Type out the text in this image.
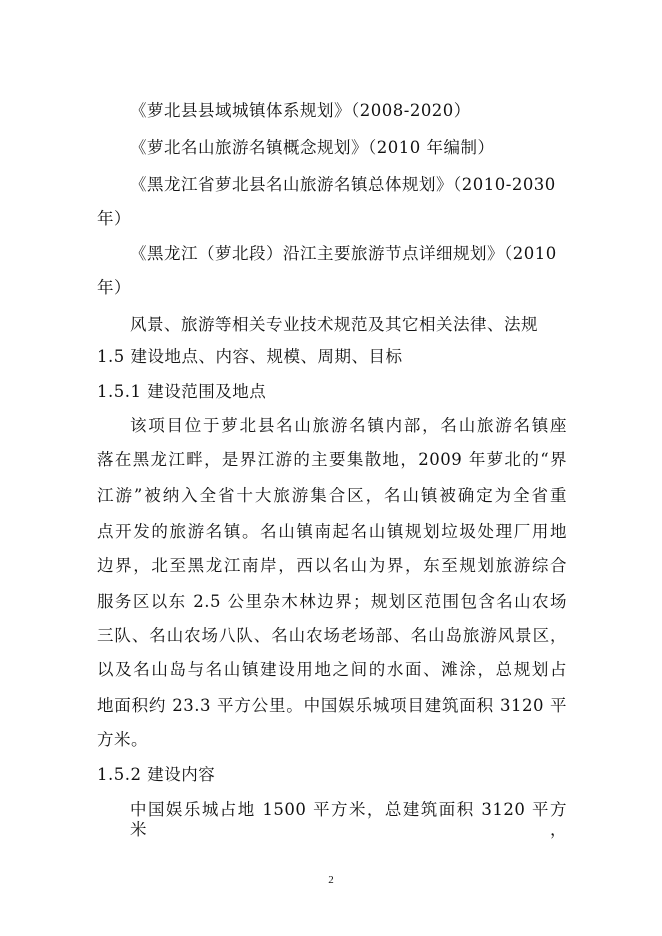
《萝北县县域城镇体系规划》（2008-2020）
《萝北名山旅游名镇概念规划》（2010 年编制）
《黑龙江省萝北县名山旅游名镇总体规划》（2010-2030
年）
《黑龙江（萝北段）沿江主要旅游节点详细规划》（2010
年）
风景、旅游等相关专业技术规范及其它相关法律、法规
1.5 建设地点、内容、规模、周期、目标
1.5.1 建设范围及地点
该项目位于萝北县名山旅游名镇内部，名山旅游名镇座
落在黑龙江畔，是界江游的主要集散地，2009 年萝北的“界
江游”被纳入全省十大旅游集合区，名山镇被确定为全省重
点开发的旅游名镇。名山镇南起名山镇规划垃圾处理厂用地
边界，北至黑龙江南岸，西以名山为界，东至规划旅游综合
服务区以东 2.5 公里杂木林边界；规划区范围包含名山农场
三队、名山农场八队、名山农场老场部、名山岛旅游风景区，
以及名山岛与名山镇建设用地之间的水面、滩涂，总规划占
地面积约 23.3 平方公里。中国娱乐城项目建筑面积 3120 平
方米。
1.5.2 建设内容
中国娱乐城占地 1500 平方米，总建筑面积 3120 平方米，
2
